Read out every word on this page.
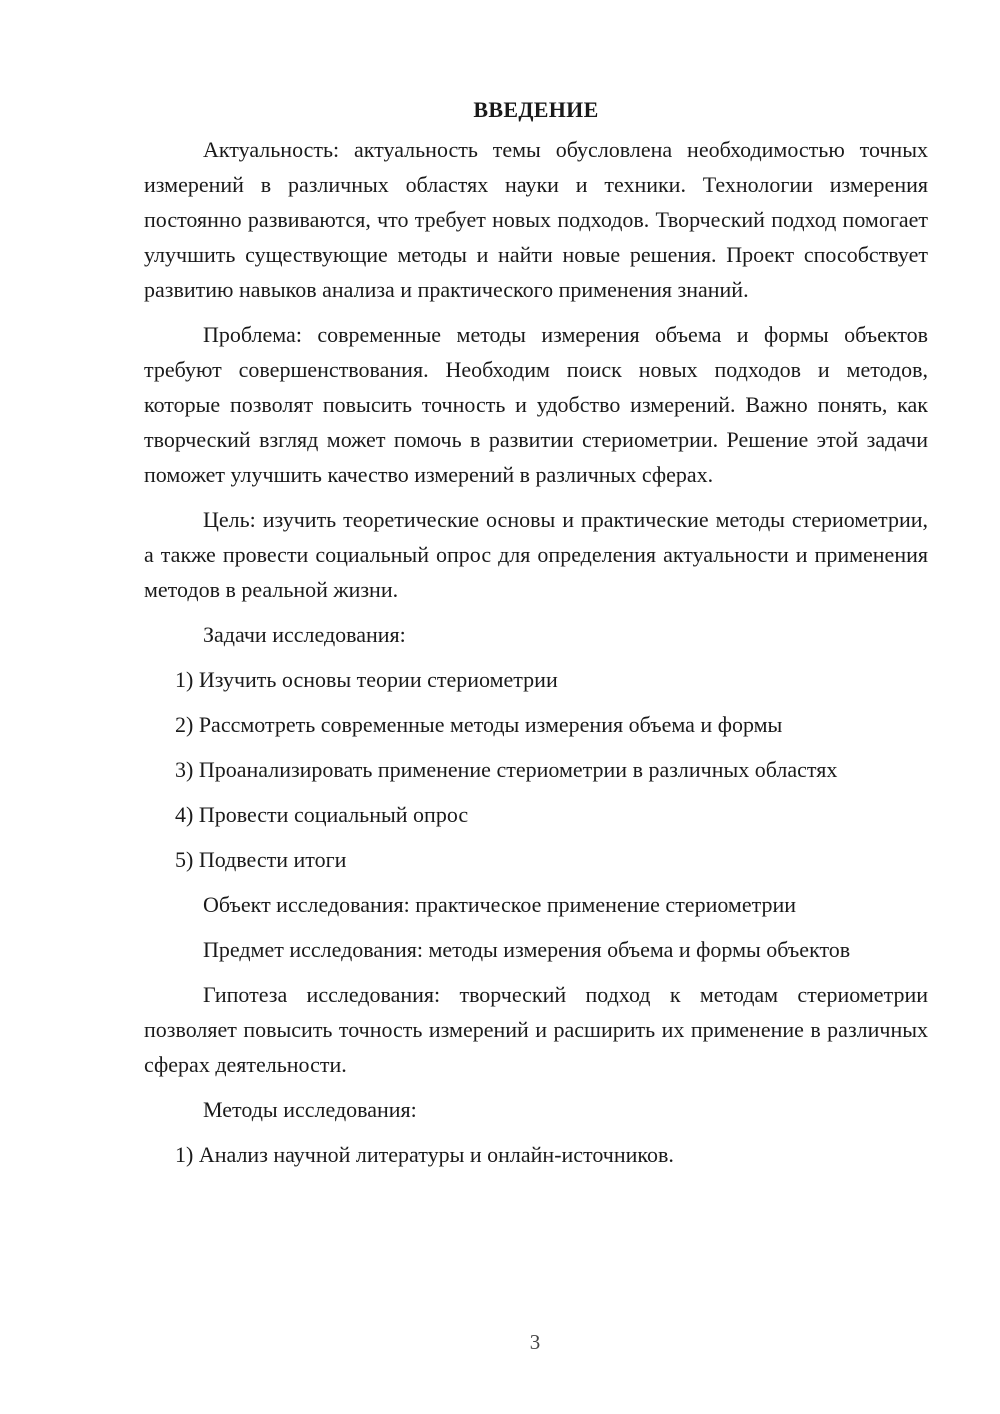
ВВЕДЕНИЕ

Актуальность: актуальность темы обусловлена необходимостью точных измерений в различных областях науки и техники. Технологии измерения постоянно развиваются, что требует новых подходов. Творческий подход помогает улучшить существующие методы и найти новые решения. Проект способствует развитию навыков анализа и практического применения знаний.

Проблема: современные методы измерения объема и формы объектов требуют совершенствования. Необходим поиск новых подходов и методов, которые позволят повысить точность и удобство измерений. Важно понять, как творческий взгляд может помочь в развитии стериометрии. Решение этой задачи поможет улучшить качество измерений в различных сферах.

Цель: изучить теоретические основы и практические методы стериометрии, а также провести социальный опрос для определения актуальности и применения методов в реальной жизни.

Задачи исследования:
1) Изучить основы теории стериометрии
2) Рассмотреть современные методы измерения объема и формы
3) Проанализировать применение стериометрии в различных областях
4) Провести социальный опрос
5) Подвести итоги

Объект исследования: практическое применение стериометрии

Предмет исследования: методы измерения объема и формы объектов

Гипотеза исследования: творческий подход к методам стериометрии позволяет повысить точность измерений и расширить их применение в различных сферах деятельности.

Методы исследования:
1) Анализ научной литературы и онлайн-источников.
3
